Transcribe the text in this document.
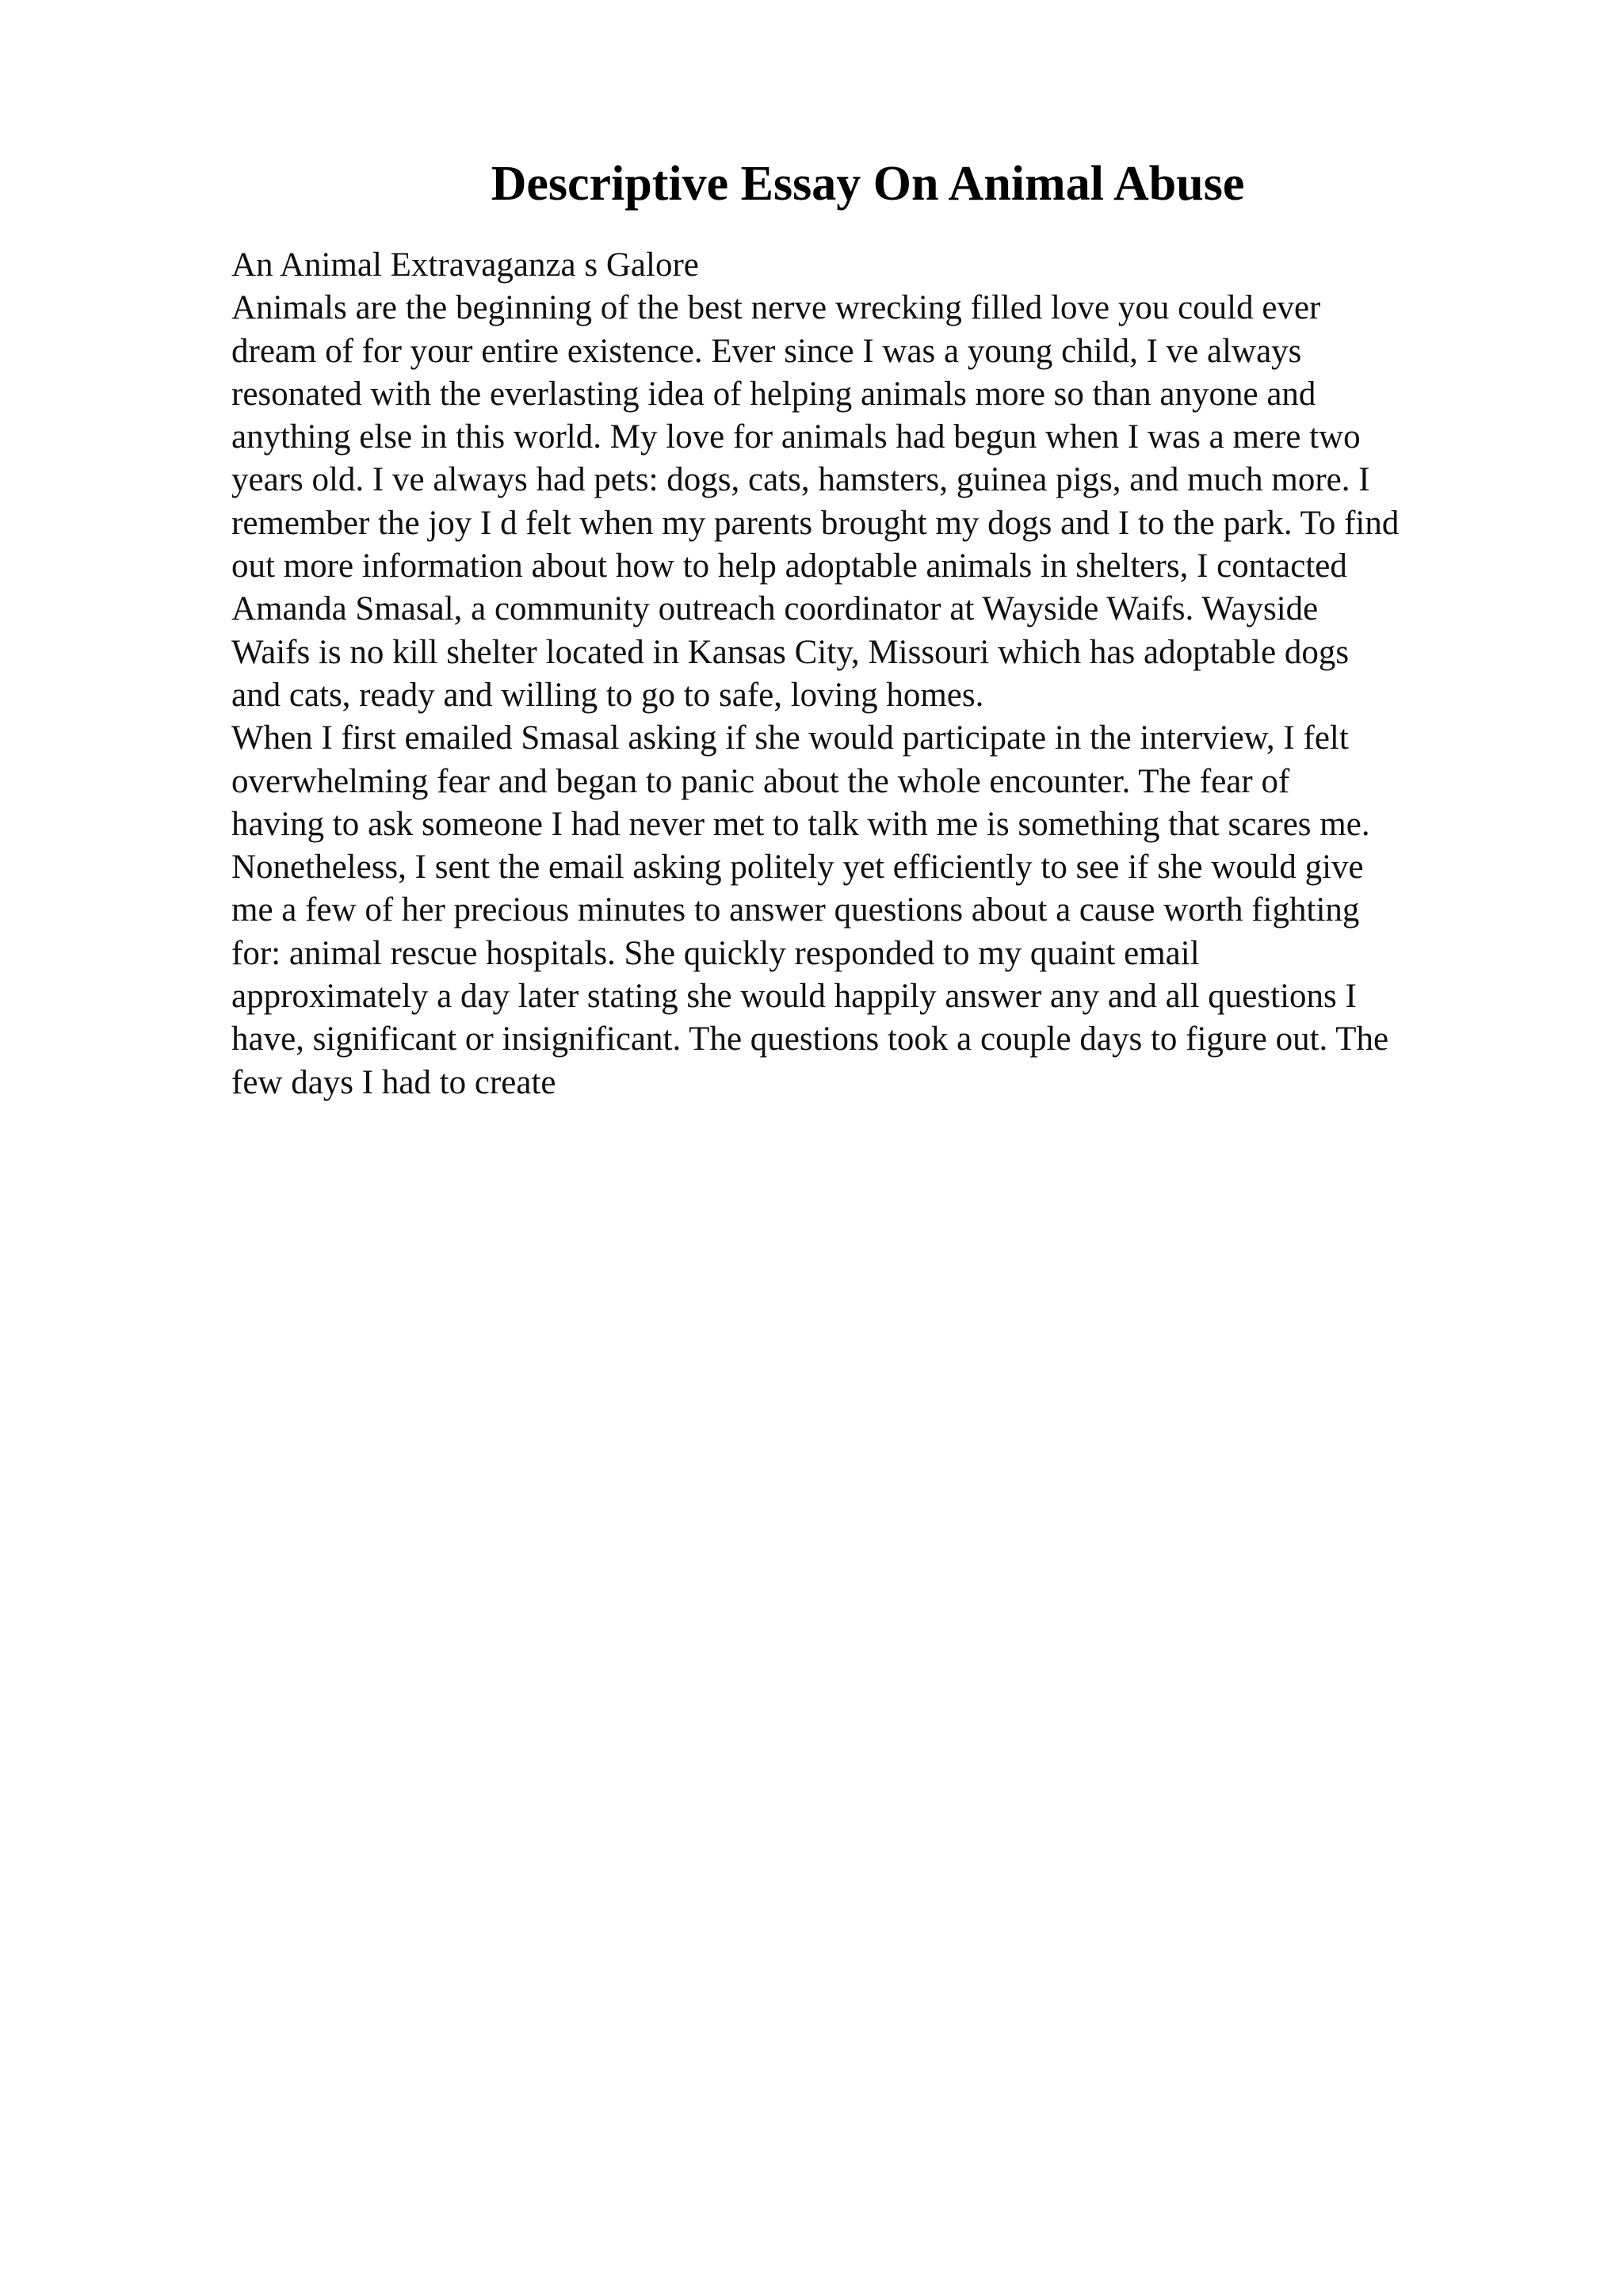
Descriptive Essay On Animal Abuse
An Animal Extravaganza s Galore
Animals are the beginning of the best nerve wrecking filled love you could ever
dream of for your entire existence. Ever since I was a young child, I ve always
resonated with the everlasting idea of helping animals more so than anyone and
anything else in this world. My love for animals had begun when I was a mere two
years old. I ve always had pets: dogs, cats, hamsters, guinea pigs, and much more. I
remember the joy I d felt when my parents brought my dogs and I to the park. To find
out more information about how to help adoptable animals in shelters, I contacted
Amanda Smasal, a community outreach coordinator at Wayside Waifs. Wayside
Waifs is no kill shelter located in Kansas City, Missouri which has adoptable dogs
and cats, ready and willing to go to safe, loving homes.
When I first emailed Smasal asking if she would participate in the interview, I felt
overwhelming fear and began to panic about the whole encounter. The fear of
having to ask someone I had never met to talk with me is something that scares me.
Nonetheless, I sent the email asking politely yet efficiently to see if she would give
me a few of her precious minutes to answer questions about a cause worth fighting
for: animal rescue hospitals. She quickly responded to my quaint email
approximately a day later stating she would happily answer any and all questions I
have, significant or insignificant. The questions took a couple days to figure out. The
few days I had to create
